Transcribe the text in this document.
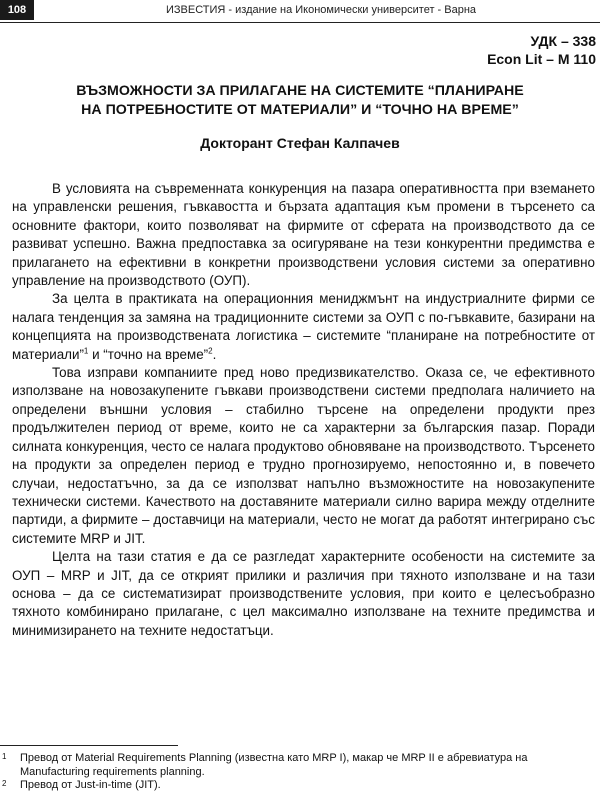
108	ИЗВЕСТИЯ - издание на Икономически университет - Варна
УДК – 338
Econ Lit – M 110
ВЪЗМОЖНОСТИ ЗА ПРИЛАГАНЕ НА СИСТЕМИТЕ “ПЛАНИРАНЕ
НА ПОТРЕБНОСТИТЕ ОТ МАТЕРИАЛИ” И “ТОЧНО НА ВРЕМЕ”
Докторант Стефан Калпачев

В условията на съвременната конкуренция на пазара оперативността при вземането на управленски решения, гъвкавостта и бързата адаптация към промени в търсенето са основните фактори, които позволяват на фирмите от сферата на производството да се развиват успешно. Важна предпоставка за осигуряване на тези конкурентни предимства е прилагането на ефективни в конкретни производствени условия системи за оперативно управление на производството (ОУП).

За целта в практиката на операционния мениджмънт на индустриалните фирми се налага тенденция за замяна на традиционните системи за ОУП с по-гъвкавите, базирани на концепцията на производствената логистика – системите “планиране на потребностите от материали”$^1$ и “точно на време”$^2$.

Това изправи компаниите пред ново предизвикателство. Оказа се, че ефективното използване на новозакупените гъвкави производствени системи предполага наличието на определени външни условия – стабилно търсене на определени продукти през продължителен период от време, които не са характерни за българския пазар. Поради силната конкуренция, често се налага продуктово обновяване на производството. Търсенето на продукти за определен период е трудно прогнозируемо, непостоянно и, в повечето случаи, недостатъчно, за да се използват напълно възможностите на новозакупените технически системи. Качеството на доставяните материали силно варира между отделните партиди, а фирмите – доставчици на материали, често не могат да работят интегрирано със системите MRP и JIT.

Целта на тази статия е да се разгледат характерните особености на системите за ОУП – MRP и JIT, да се открият прилики и различия при тяхното използване и на тази основа – да се систематизират производствените условия, при които е целесъобразно тяхното комбинирано прилагане, с цел максимално използване на техните предимства и минимизирането на техните недостатъци.

1 Превод от Material Requirements Planning (известна като MRP I), макар че MRP II е абревиатура на Manufacturing requirements planning.

2 Превод от Just-in-time (JIT).
